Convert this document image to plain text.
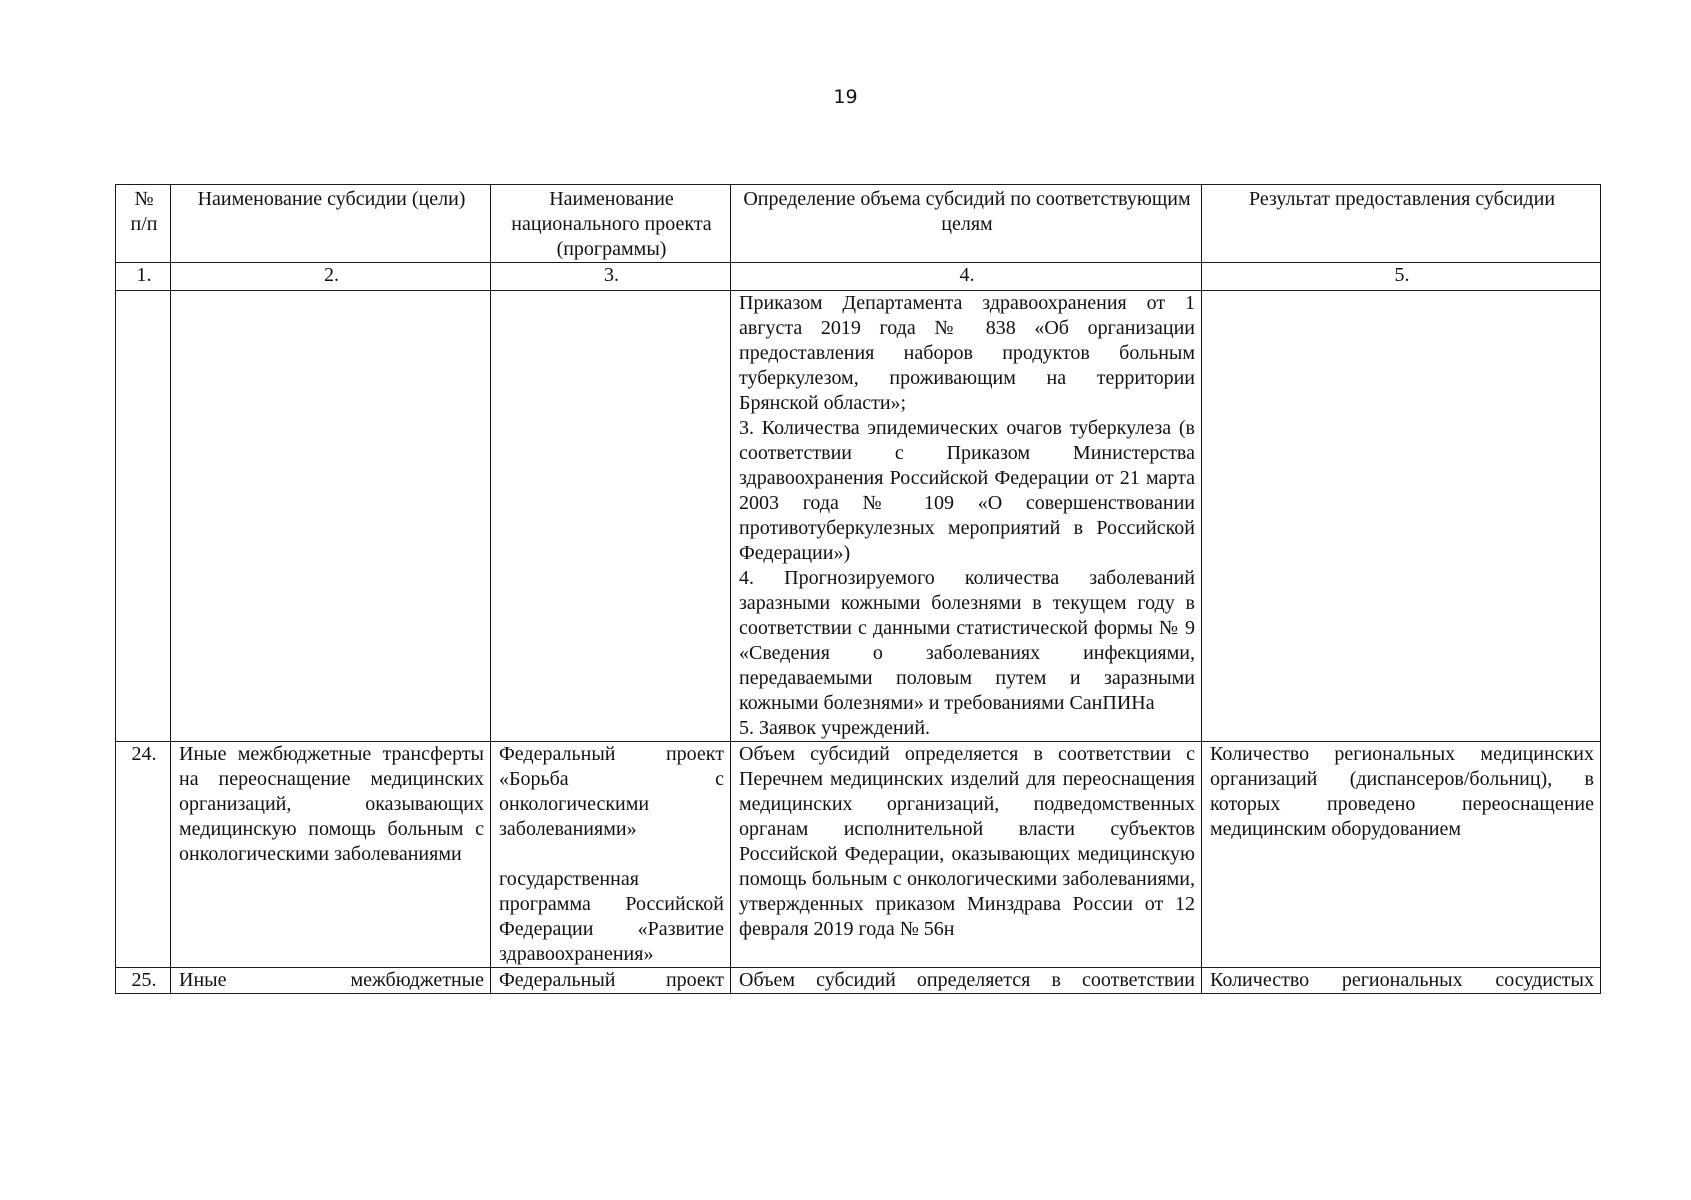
19
№ п/п	Наименование субсидии (цели)	Наименование национального проекта (программы)	Определение объема субсидий по соответствующим целям	Результат предоставления субсидии
1.	2.	3.	4.	5.

			Приказом Департамента здравоохранения от 1 августа 2019 года № 838 «Об организации предоставления наборов продуктов больным туберкулезом, проживающим на территории Брянской области»;
3. Количества эпидемических очагов туберкулеза (в соответствии с Приказом Министерства здравоохранения Российской Федерации от 21 марта 2003 года № 109 «О совершенствовании противотуберкулезных мероприятий в Российской Федерации»)
4. Прогнозируемого количества заболеваний заразными кожными болезнями в текущем году в соответствии с данными статистической формы № 9 «Сведения о заболеваниях инфекциями, передаваемыми половым путем и заразными кожными болезнями» и требованиями СанПИНа
5. Заявок учреждений.	

24.	Иные межбюджетные трансферты на переоснащение медицинских организаций, оказывающих медицинскую помощь больным с онкологическими заболеваниями	Федеральный проект «Борьба с онкологическими заболеваниями»
государственная программа Российской Федерации «Развитие здравоохранения»	Объем субсидий определяется в соответствии с Перечнем медицинских изделий для переоснащения медицинских организаций, подведомственных органам исполнительной власти субъектов Российской Федерации, оказывающих медицинскую помощь больным с онкологическими заболеваниями, утвержденных приказом Минздрава России от 12 февраля 2019 года № 56н	Количество региональных медицинских организаций (диспансеров/больниц), в которых проведено переоснащение медицинским оборудованием
25.	Иные межбюджетные	Федеральный проект	Объем субсидий определяется в соответствии	Количество региональных сосудистых
